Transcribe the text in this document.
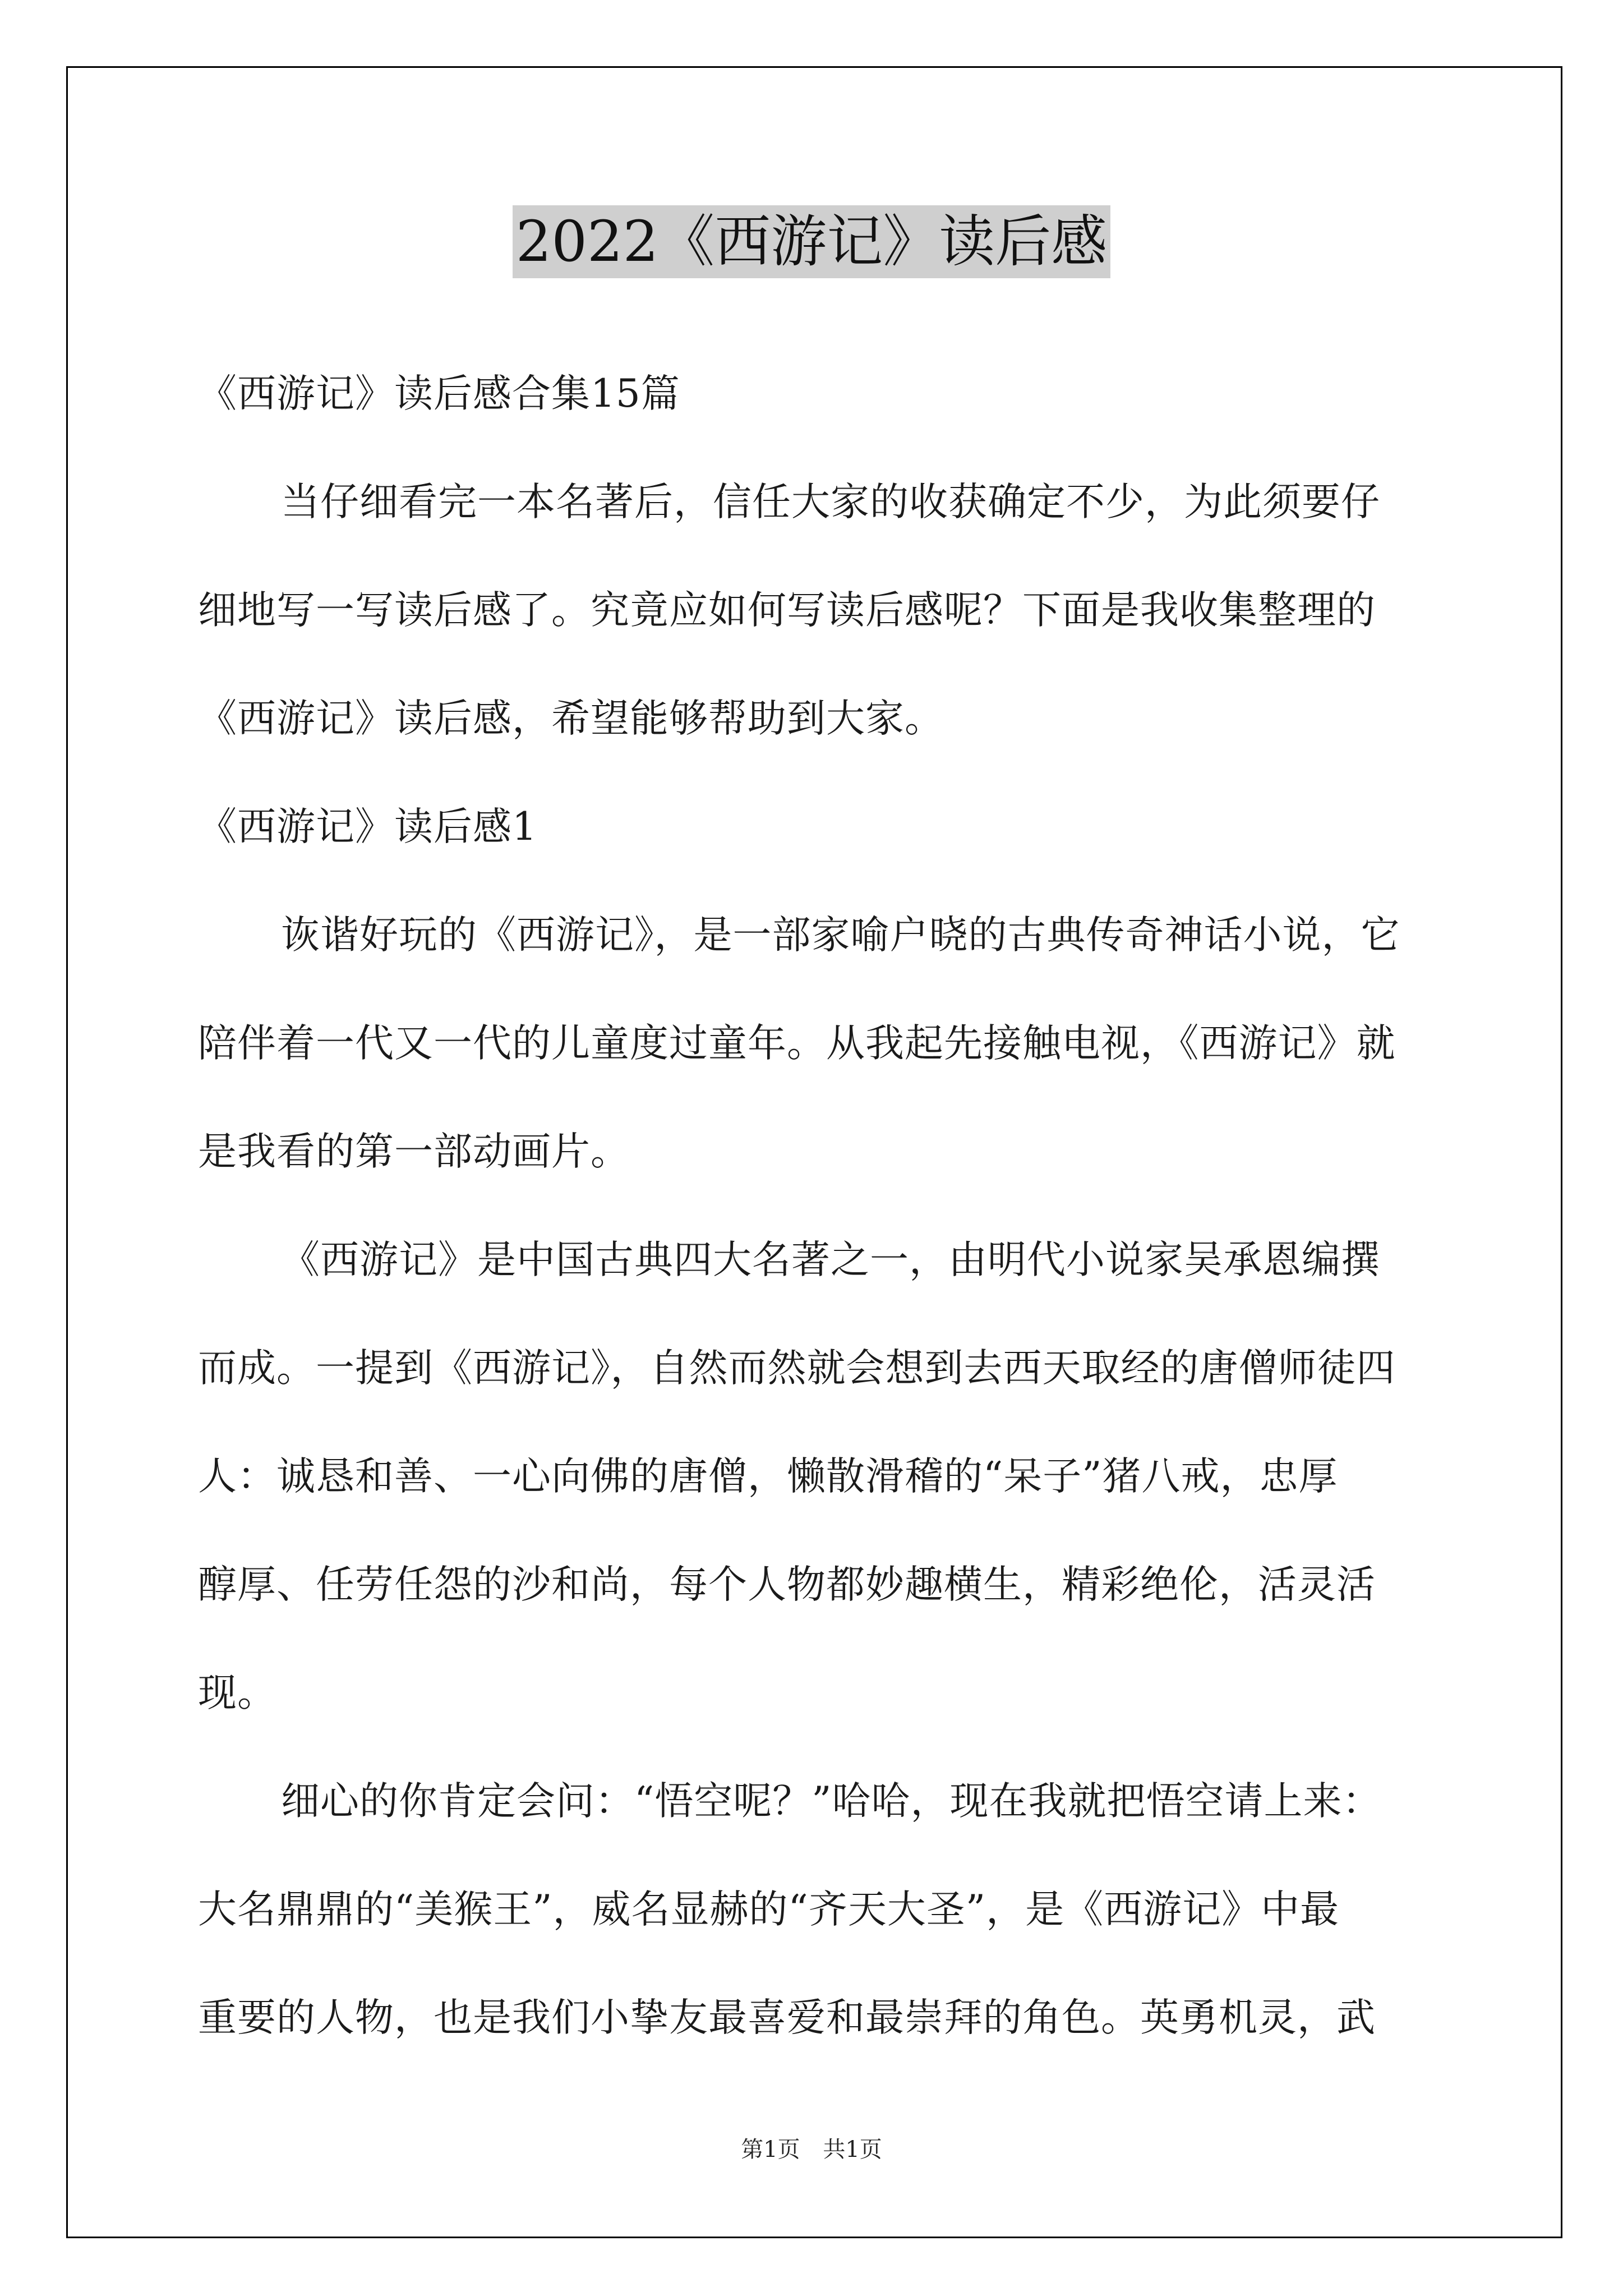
2022《西游记》读后感
《西游记》读后感合集15篇
当仔细看完一本名著后，信任大家的收获确定不少，为此须要仔
细地写一写读后感了。究竟应如何写读后感呢？下面是我收集整理的
《西游记》读后感，希望能够帮助到大家。
《西游记》读后感1
诙谐好玩的《西游记》，是一部家喻户晓的古典传奇神话小说，它
陪伴着一代又一代的儿童度过童年。从我起先接触电视，《西游记》就
是我看的第一部动画片。
《西游记》是中国古典四大名著之一，由明代小说家吴承恩编撰
而成。一提到《西游记》，自然而然就会想到去西天取经的唐僧师徒四
人：诚恳和善、一心向佛的唐僧，懒散滑稽的“呆子”猪八戒，忠厚
醇厚、任劳任怨的沙和尚，每个人物都妙趣横生，精彩绝伦，活灵活
现。
细心的你肯定会问：“悟空呢？”哈哈，现在我就把悟空请上来：
大名鼎鼎的“美猴王”，威名显赫的“齐天大圣”，是《西游记》中最
重要的人物，也是我们小挚友最喜爱和最崇拜的角色。英勇机灵，武
第1页 共1页
